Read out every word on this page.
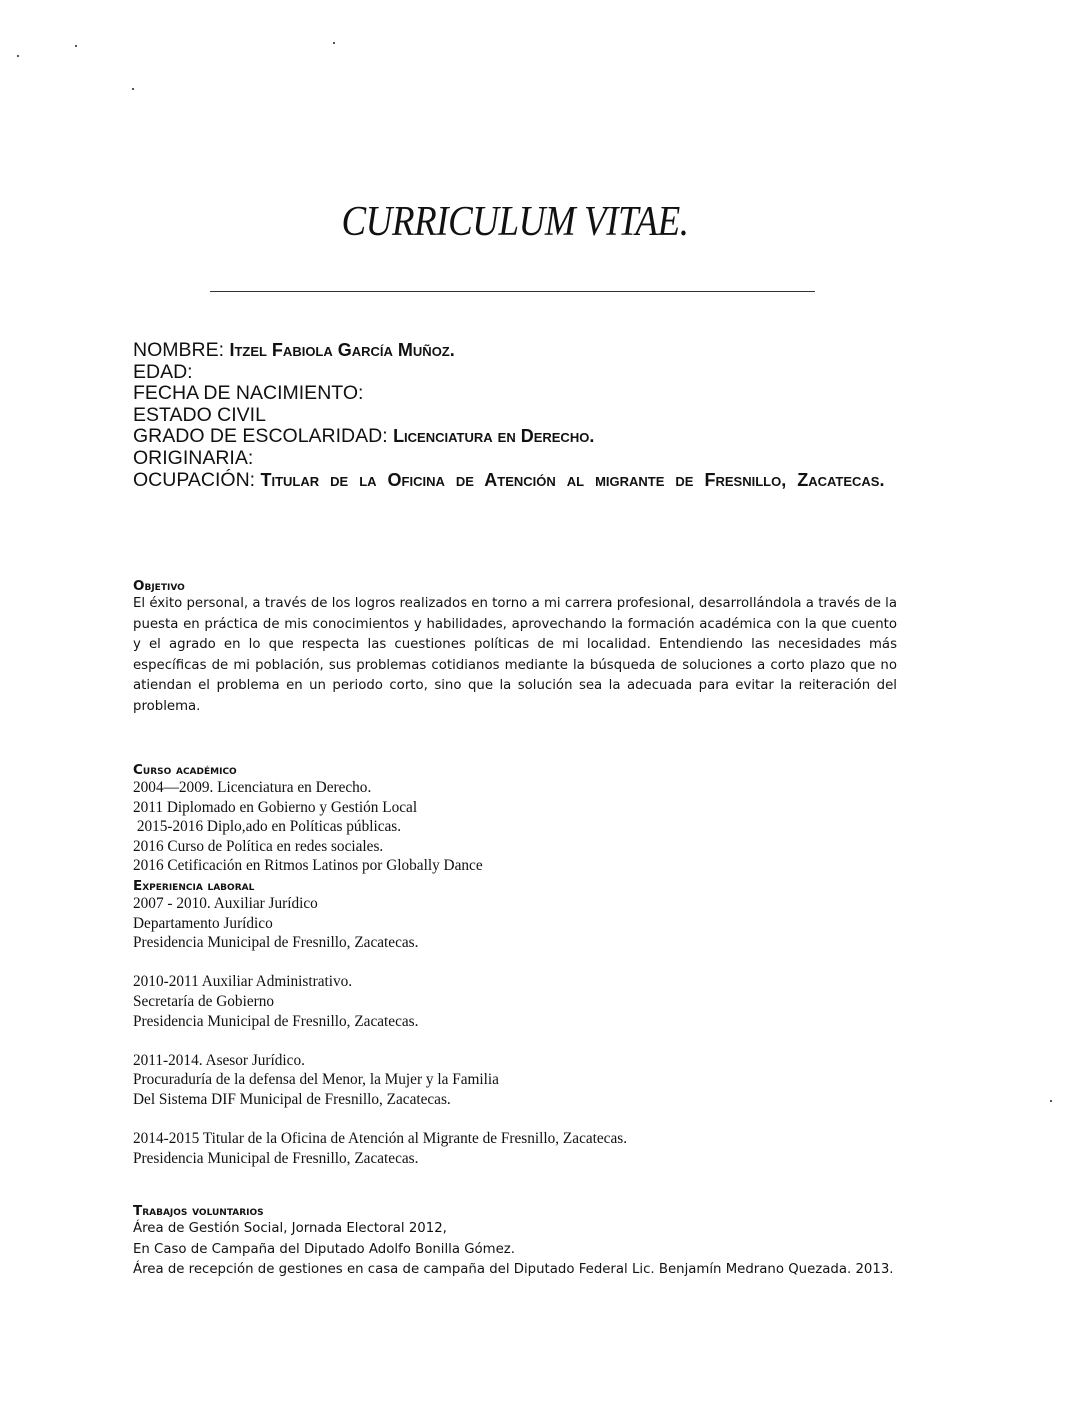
CURRICULUM VITAE.
NOMBRE: Itzel Fabiola García Muñoz.
EDAD:
FECHA DE NACIMIENTO:
ESTADO CIVIL
GRADO DE ESCOLARIDAD: Licenciatura en Derecho.
ORIGINARIA:
OCUPACIÓN: Titular de la Oficina de Atención al migrante de Fresnillo, Zacatecas.
Objetivo
El éxito personal, a través de los logros realizados en torno a mi carrera profesional, desarrollándola a través de la puesta en práctica de mis conocimientos y habilidades, aprovechando la formación académica con la que cuento y el agrado en lo que respecta las cuestiones políticas de mi localidad. Entendiendo las necesidades más específicas de mi población, sus problemas cotidianos mediante la búsqueda de soluciones a corto plazo que no atiendan el problema en un periodo corto, sino que la solución sea la adecuada para evitar la reiteración del problema.
Curso académico
2004—2009. Licenciatura en Derecho.
2011 Diplomado en Gobierno y Gestión Local
2015-2016 Diplo,ado en Políticas públicas.
2016 Curso de Política en redes sociales.
2016 Cetificación en Ritmos Latinos por Globally Dance
Experiencia laboral
2007 - 2010. Auxiliar Jurídico
Departamento Jurídico
Presidencia Municipal de Fresnillo, Zacatecas.
2010-2011 Auxiliar Administrativo.
Secretaría de Gobierno
Presidencia Municipal de Fresnillo, Zacatecas.
2011-2014. Asesor Jurídico.
Procuraduría de la defensa del Menor, la Mujer y la Familia
Del Sistema DIF Municipal de Fresnillo, Zacatecas.
2014-2015 Titular de la Oficina de Atención al Migrante de Fresnillo, Zacatecas.
Presidencia Municipal de Fresnillo, Zacatecas.
Trabajos voluntarios
Área de Gestión Social, Jornada Electoral 2012,
En Caso de Campaña del Diputado Adolfo Bonilla Gómez.
Área de recepción de gestiones en casa de campaña del Diputado Federal Lic. Benjamín Medrano Quezada. 2013.
